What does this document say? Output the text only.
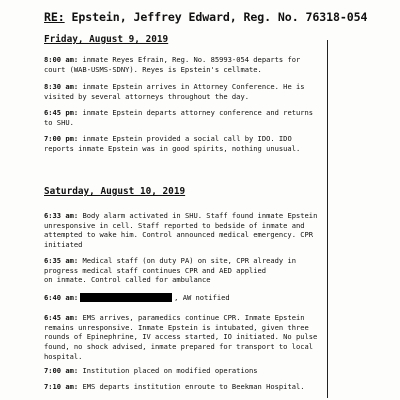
RE: Epstein, Jeffrey Edward, Reg. No. 76318-054
Friday, August 9, 2019

8:00 am: inmate Reyes Efrain, Reg. No. 85993-054 departs for

court (WAB-USMS-SDNY). Reyes is Epstein's cellmate.

8:30 am: inmate Epstein arrives in Attorney Conference. He is

visited by several attorneys throughout the day.

6:45 pm: inmate Epstein departs attorney conference and returns

to SHU.

7:00 pm: inmate Epstein provided a social call by IDO. IDO

reports inmate Epstein was in good spirits, nothing unusual.

Saturday, August 10, 2019

6:33 am: Body alarm activated in SHU. Staff found inmate Epstein

unresponsive in cell. Staff reported to bedside of inmate and

attempted to wake him. Control announced medical emergency. CPR

initiated

6:35 am: Medical staff (on duty PA) on site, CPR already in

progress medical staff continues CPR and AED applied

on inmate. Control called for ambulance

6:40 am:	, AW notified

6:45 am: EMS arrives, paramedics continue CPR. Inmate Epstein

remains unresponsive. Inmate Epstein is intubated, given three

rounds of Epinephrine, IV access started, IO initiated. No pulse

found, no shock advised, inmate prepared for transport to local

hospital.

7:00 am: Institution placed on modified operations

7:10 am: EMS departs institution enroute to Beekman Hospital.
